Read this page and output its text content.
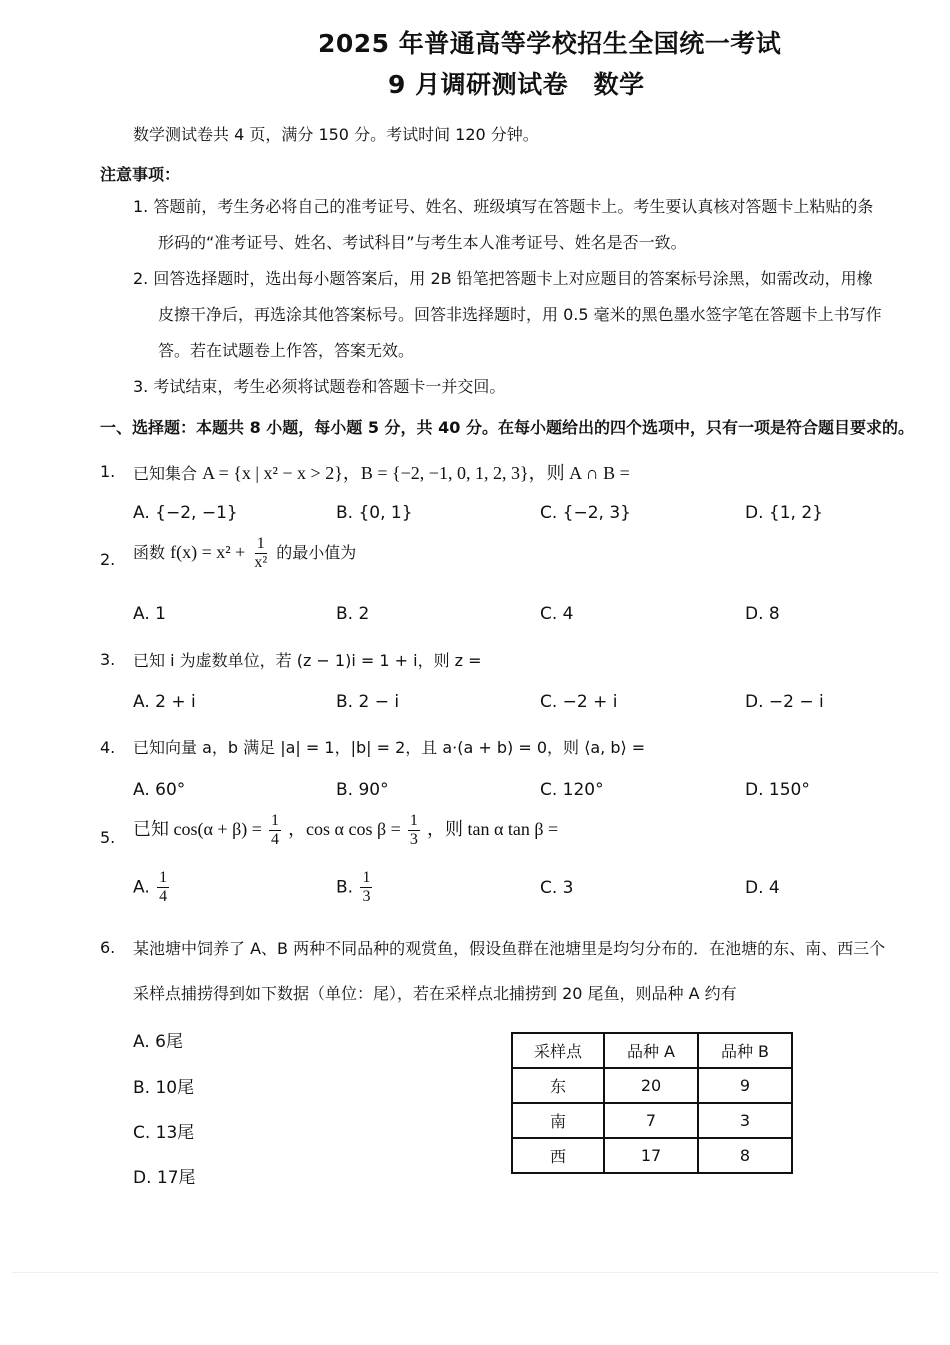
2025 年普通高等学校招生全国统一考试
9 月调研测试卷　数学
数学测试卷共 4 页，满分 150 分。考试时间 120 分钟。
注意事项：
1. 答题前，考生务必将自己的准考证号、姓名、班级填写在答题卡上。考生要认真核对答题卡上粘贴的条
形码的“准考证号、姓名、考试科目”与考生本人准考证号、姓名是否一致。
2. 回答选择题时，选出每小题答案后，用 2B 铅笔把答题卡上对应题目的答案标号涂黑，如需改动，用橡
皮擦干净后，再选涂其他答案标号。回答非选择题时，用 0.5 毫米的黑色墨水签字笔在答题卡上书写作
答。若在试题卷上作答，答案无效。
3. 考试结束，考生必须将试题卷和答题卡一并交回。
一、选择题：本题共 8 小题，每小题 5 分，共 40 分。在每小题给出的四个选项中，只有一项是符合题目要求的。
1. 已知集合 A = {x | x² − x > 2}，B = {−2, −1, 0, 1, 2, 3}，则 A ∩ B =
A. {−2, −1}	B. {0, 1}	C. {−2, 3}	D. {1, 2}
2. 函数 $f(x) = x^2 + \frac{1}{\text{x²}}$ 的最小值为
A. 1	B. 2	C. 4	D. 8
3. 已知 i 为虚数单位，若 (z − 1)i = 1 + i，则 z =
A. 2 + i	B. 2 − i	C. −2 + i	D. −2 − i
4. 已知向量 a，b 满足 |a| = 1，|b| = 2，且 a·(a + b) = 0，则 ⟨a, b⟩ =
A. 60°	B. 90°	C. 120°	D. 150°
5. 已知 $\cos(\alpha + \beta) = \frac{1}{4}$ ，cos α $\cos \beta = \frac{1}{3}$ ，则 tan α tan β =
A. $\frac{1}{4}$	B. $\frac{1}{3}$	C. 3	D. 4
6. 某池塘中饲养了 A、B 两种不同品种的观赏鱼，假设鱼群在池塘里是均匀分布的．在池塘的东、南、西三个
采样点捕捞得到如下数据（单位：尾），若在采样点北捕捞到 20 尾鱼，则品种 A 约有
A. 6尾
B. 10尾
C. 13尾
D. 17尾
采样点	品种 A	品种 B
东	20	9
南	7	3
西	17	8
